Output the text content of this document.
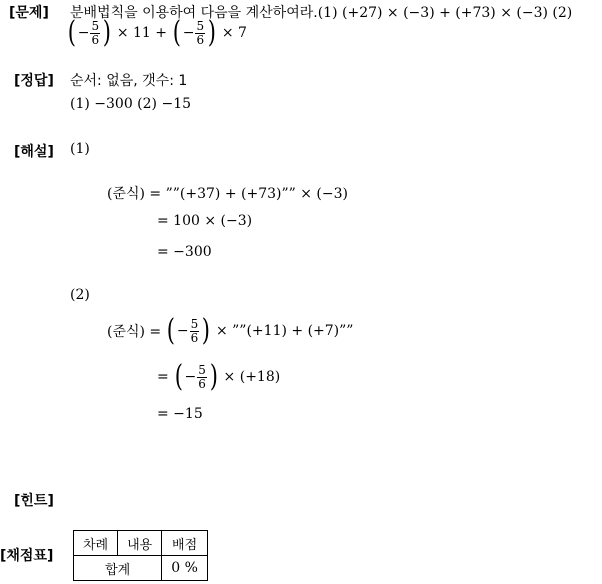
[문제]
[정답]
[해설]
[힌트]
[채점표]
분배법칙을 이용하여 다음을 계산하여라.(1) (+27) × (−3) + (+73) × (−3) (2)
( − $\frac{5}{6}$ ) × 11 + ( − $\frac{5}{6}$ ) × 7
순서: 없음, 갯수: 1
(1) −300 (2) −15
(1)
(준식) = ””(+37) + (+73)”” × (−3)
= 100 × (−3)
= −300
(2)
(준식) = ( − $\frac{5}{6}$ ) × ””(+11) + (+7)””
= ( − $\frac{5}{6}$ ) × (+18)
= −15
차례	내용	배점
합계		0 %
